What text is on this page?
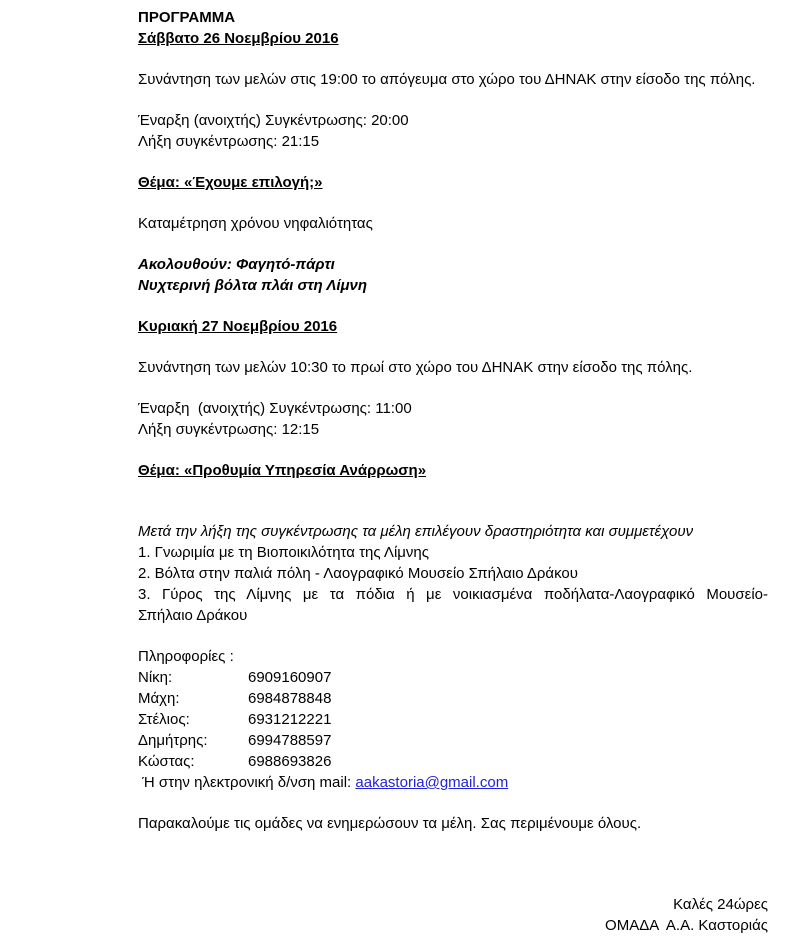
ΠΡΟΓΡΑΜΜΑ

Σάββατο 26 Νοεμβρίου 2016

Συνάντηση των μελών στις 19:00 το απόγευμα στο χώρο του ΔΗΝΑΚ στην είσοδο της πόλης.

Έναρξη (ανοιχτής) Συγκέντρωσης: 20:00

Λήξη συγκέντρωσης: 21:15

Θέμα: «Έχουμε επιλογή;»

Καταμέτρηση χρόνου νηφαλιότητας

Ακολουθούν: Φαγητό-πάρτι

Νυχτερινή βόλτα πλάι στη Λίμνη

Κυριακή 27 Νοεμβρίου 2016

Συνάντηση των μελών 10:30 το πρωί στο χώρο του ΔΗΝΑΚ στην είσοδο της πόλης.

Έναρξη  (ανοιχτής) Συγκέντρωσης: 11:00

Λήξη συγκέντρωσης: 12:15

Θέμα: «Προθυμία Υπηρεσία Ανάρρωση»

Μετά την λήξη της συγκέντρωσης τα μέλη επιλέγουν δραστηριότητα και συμμετέχουν

1. Γνωριμία με τη Βιοποικιλότητα της Λίμνης

2. Βόλτα στην παλιά πόλη - Λαογραφικό Μουσείο Σπήλαιο Δράκου

3. Γύρος της Λίμνης με τα πόδια ή με νοικιασμένα ποδήλατα-Λαογραφικό Μουσείο-

Σπήλαιο Δράκου

Πληροφορίες :

Νίκη:	6909160907
Μάχη:	6984878848
Στέλιος:	6931212221
Δημήτρης:	6994788597
Κώστας:	6988693826

Ή στην ηλεκτρονική δ/νση mail: aakastoria@gmail.com

Παρακαλούμε τις ομάδες να ενημερώσουν τα μέλη. Σας περιμένουμε όλους.

Καλές 24ώρες

ΟΜΑΔΑ  Α.Α. Καστοριάς
